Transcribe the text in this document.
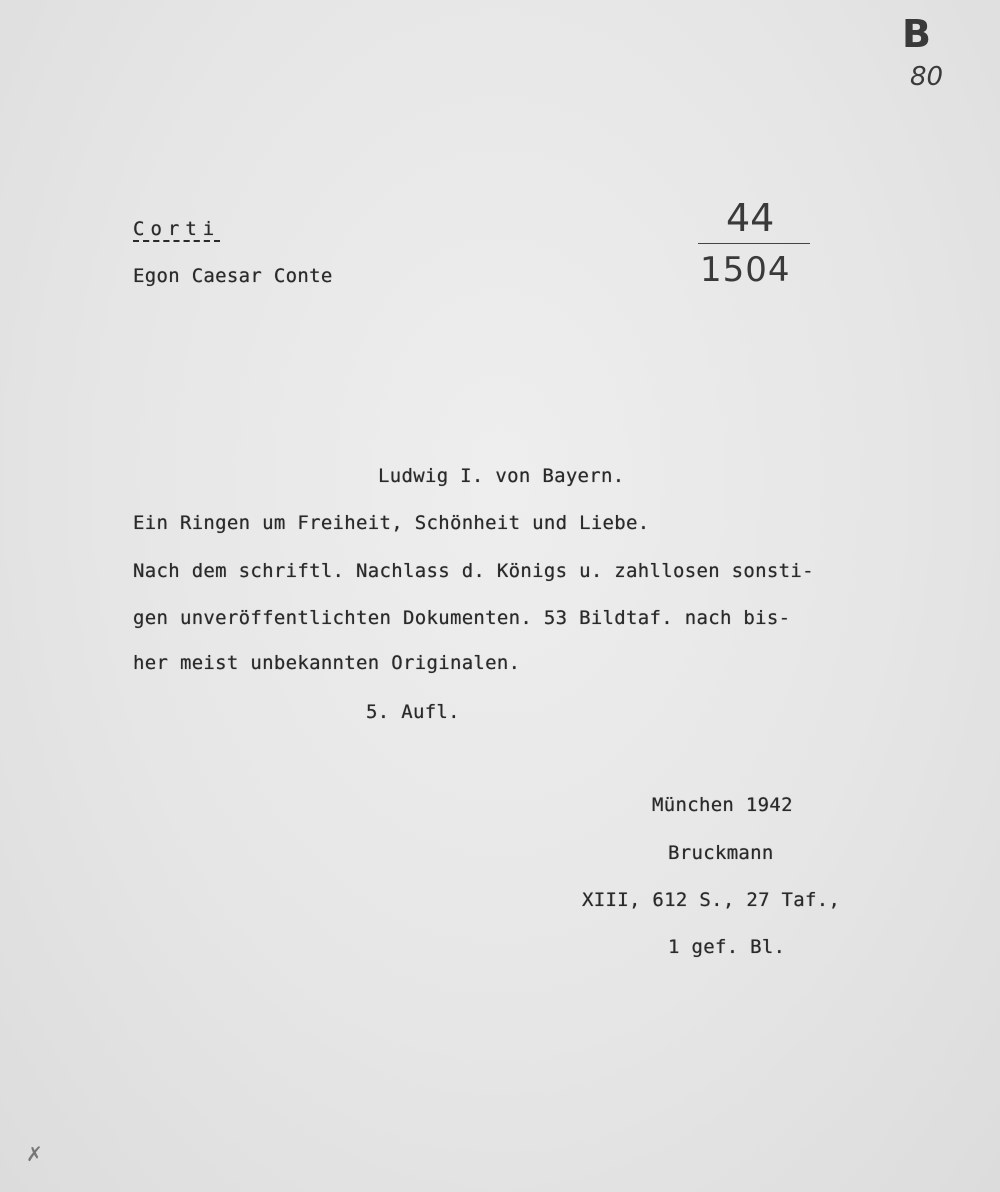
B
80
Corti
Egon Caesar Conte
44
1504
Ludwig I. von Bayern.
Ein Ringen um Freiheit, Schönheit und Liebe.
Nach dem schriftl. Nachlass d. Königs u. zahllosen sonsti-
gen unveröffentlichten Dokumenten. 53 Bildtaf. nach bis-
her meist unbekannten Originalen.
5. Aufl.
München 1942
Bruckmann
XIII, 612 S., 27 Taf.,
1 gef. Bl.
✗
